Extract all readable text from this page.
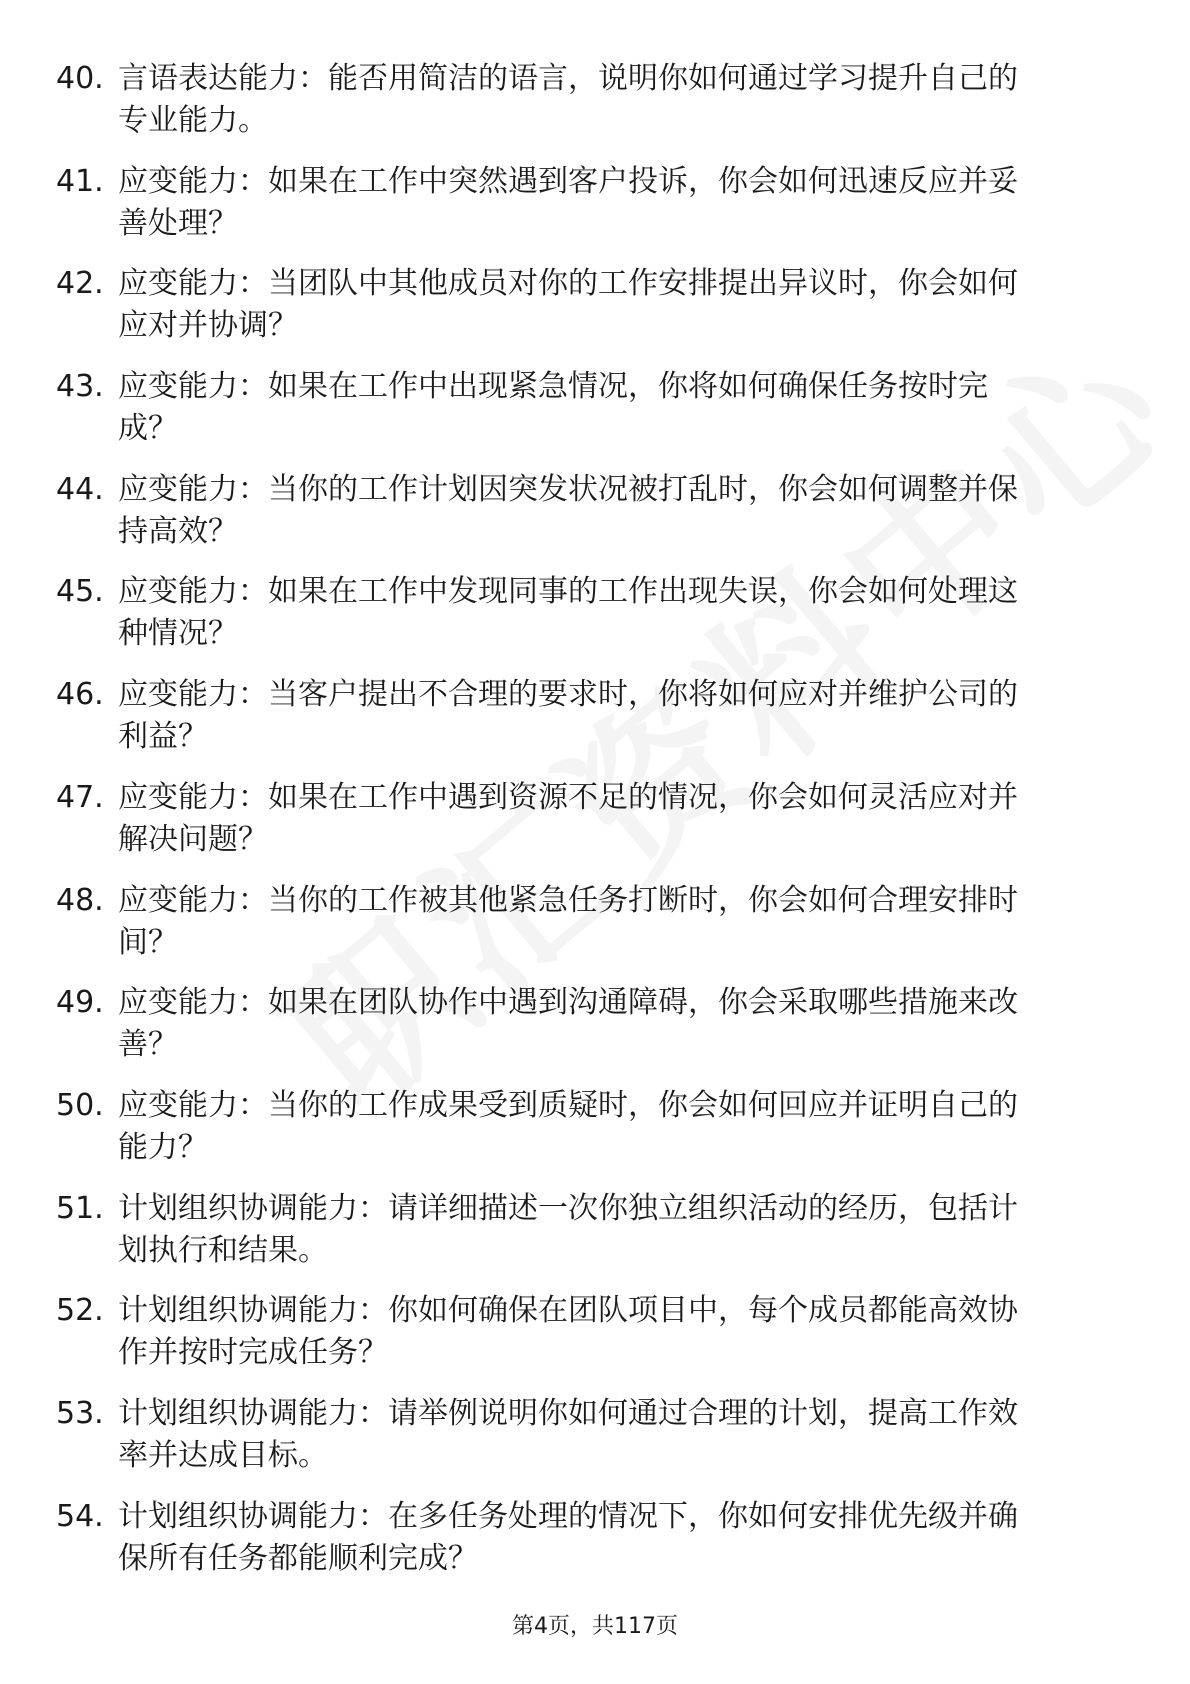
40. 言语表达能力：能否用简洁的语言，说明你如何通过学习提升自己的专业能力。
41. 应变能力：如果在工作中突然遇到客户投诉，你会如何迅速反应并妥善处理？
42. 应变能力：当团队中其他成员对你的工作安排提出异议时，你会如何应对并协调？
43. 应变能力：如果在工作中出现紧急情况，你将如何确保任务按时完成？
44. 应变能力：当你的工作计划因突发状况被打乱时，你会如何调整并保持高效？
45. 应变能力：如果在工作中发现同事的工作出现失误，你会如何处理这种情况？
46. 应变能力：当客户提出不合理的要求时，你将如何应对并维护公司的利益？
47. 应变能力：如果在工作中遇到资源不足的情况，你会如何灵活应对并解决问题？
48. 应变能力：当你的工作被其他紧急任务打断时，你会如何合理安排时间？
49. 应变能力：如果在团队协作中遇到沟通障碍，你会采取哪些措施来改善？
50. 应变能力：当你的工作成果受到质疑时，你会如何回应并证明自己的能力？
51. 计划组织协调能力：请详细描述一次你独立组织活动的经历，包括计划执行和结果。
52. 计划组织协调能力：你如何确保在团队项目中，每个成员都能高效协作并按时完成任务？
53. 计划组织协调能力：请举例说明你如何通过合理的计划，提高工作效率并达成目标。
54. 计划组织协调能力：在多任务处理的情况下，你如何安排优先级并确保所有任务都能顺利完成？
第4页，共117页
